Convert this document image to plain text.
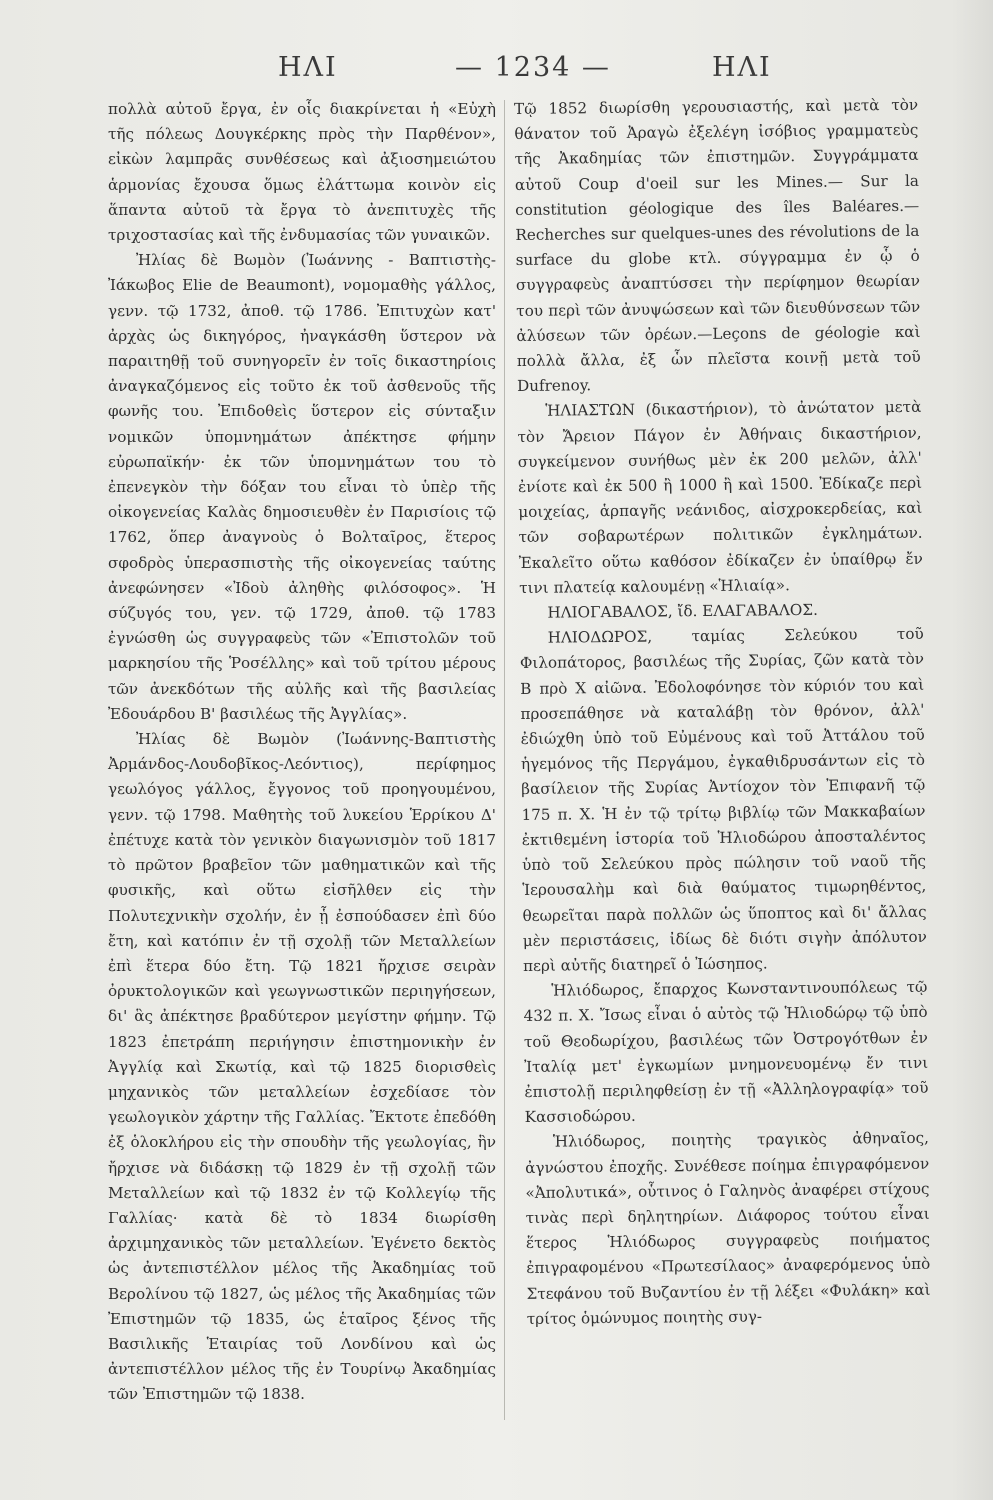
ΗΛΙ	— 1234 —	ΗΛΙ

πολλὰ αὐτοῦ ἔργα, ἐν οἷς διακρίνεται ἡ «Εὐχὴ τῆς πόλεως Δουγκέρκης πρὸς τὴν Παρθένον», εἰκὼν λαμπρᾶς συνθέσεως καὶ ἀξιοσημειώτου ἁρμονίας ἔχουσα ὅμως ἐλάττωμα κοινὸν εἰς ἅπαντα αὐτοῦ τὰ ἔργα τὸ ἀνεπιτυχὲς τῆς τριχοστασίας καὶ τῆς ἐνδυμασίας τῶν γυναικῶν.

Ἠλίας δὲ Βωμὸν (Ἰωάννης - Βαπτιστὴς-Ἰάκωβος Elie de Beaumont), νομομαθὴς γάλλος, γενν. τῷ 1732, ἀποθ. τῷ 1786. Ἐπιτυχὼν κατ' ἀρχὰς ὡς δικηγόρος, ἠναγκάσθη ὕστερον νὰ παραιτηθῇ τοῦ συνηγορεῖν ἐν τοῖς δικαστηρίοις ἀναγκαζόμενος εἰς τοῦτο ἐκ τοῦ ἀσθενοῦς τῆς φωνῆς του. Ἐπιδοθεὶς ὕστερον εἰς σύνταξιν νομικῶν ὑπομνημάτων ἀπέκτησε φήμην εὐρωπαϊκήν· ἐκ τῶν ὑπομνημάτων του τὸ ἐπενεγκὸν τὴν δόξαν του εἶναι τὸ ὑπὲρ τῆς οἰκογενείας Καλὰς δημοσιευθὲν ἐν Παρισίοις τῷ 1762, ὅπερ ἀναγνοὺς ὁ Βολταῖρος, ἕτερος σφοδρὸς ὑπερασπιστὴς τῆς οἰκογενείας ταύτης ἀνεφώνησεν «Ἰδοὺ ἀληθὴς φιλόσοφος». Ἡ σύζυγός του, γεν. τῷ 1729, ἀποθ. τῷ 1783 ἐγνώσθη ὡς συγγραφεὺς τῶν «Ἐπιστολῶν τοῦ μαρκησίου τῆς Ῥοσέλλης» καὶ τοῦ τρίτου μέρους τῶν ἀνεκδότων τῆς αὐλῆς καὶ τῆς βασιλείας Ἐδουάρδου Β' βασιλέως τῆς Ἀγγλίας».

Ἠλίας δὲ Βωμὸν (Ἰωάννης-Βαπτιστὴς Ἀρμάνδος-Λουδοβῖκος-Λεόντιος), περίφημος γεωλόγος γάλλος, ἔγγονος τοῦ προηγουμένου, γενν. τῷ 1798. Μαθητὴς τοῦ λυκείου Ἑρρίκου Δ' ἐπέτυχε κατὰ τὸν γενικὸν διαγωνισμὸν τοῦ 1817 τὸ πρῶτον βραβεῖον τῶν μαθηματικῶν καὶ τῆς φυσικῆς, καὶ οὕτω εἰσῆλθεν εἰς τὴν Πολυτεχνικὴν σχολήν, ἐν ᾗ ἐσπούδασεν ἐπὶ δύο ἔτη, καὶ κατόπιν ἐν τῇ σχολῇ τῶν Μεταλλείων ἐπὶ ἕτερα δύο ἔτη. Τῷ 1821 ἤρχισε σειρὰν ὀρυκτολογικῶν καὶ γεωγνωστικῶν περιηγήσεων, δι' ἃς ἀπέκτησε βραδύτερον μεγίστην φήμην. Τῷ 1823 ἐπετράπη περιήγησιν ἐπιστημονικὴν ἐν Ἀγγλίᾳ καὶ Σκωτίᾳ, καὶ τῷ 1825 διορισθεὶς μηχανικὸς τῶν μεταλλείων ἐσχεδίασε τὸν γεωλογικὸν χάρτην τῆς Γαλλίας. Ἔκτοτε ἐπεδόθη ἐξ ὁλοκλήρου εἰς τὴν σπουδὴν τῆς γεωλογίας, ἣν ἤρχισε νὰ διδάσκῃ τῷ 1829 ἐν τῇ σχολῇ τῶν Μεταλλείων καὶ τῷ 1832 ἐν τῷ Κολλεγίῳ τῆς Γαλλίας· κατὰ δὲ τὸ 1834 διωρίσθη ἀρχιμηχανικὸς τῶν μεταλλείων. Ἐγένετο δεκτὸς ὡς ἀντεπιστέλλον μέλος τῆς Ἀκαδημίας τοῦ Βερολίνου τῷ 1827, ὡς μέλος τῆς Ἀκαδημίας τῶν Ἐπιστημῶν τῷ 1835, ὡς ἑταῖρος ξένος τῆς Βασιλικῆς Ἑταιρίας τοῦ Λονδίνου καὶ ὡς ἀντεπιστέλλον μέλος τῆς ἐν Τουρίνῳ Ἀκαδημίας τῶν Ἐπιστημῶν τῷ 1838.

Τῷ 1852 διωρίσθη γερουσιαστής, καὶ μετὰ τὸν θάνατον τοῦ Ἀραγὼ ἐξελέγη ἰσόβιος γραμματεὺς τῆς Ἀκαδημίας τῶν ἐπιστημῶν. Συγγράμματα αὐτοῦ Coup d'oeil sur les Mines.— Sur la constitution géologique des îles Baléares.—Recherches sur quelques-unes des révolutions de la surface du globe κτλ. σύγγραμμα ἐν ᾧ ὁ συγγραφεὺς ἀναπτύσσει τὴν περίφημον θεωρίαν του περὶ τῶν ἀνυψώσεων καὶ τῶν διευθύνσεων τῶν ἀλύσεων τῶν ὀρέων.—Leçons de géologie καὶ πολλὰ ἄλλα, ἐξ ὧν πλεῖστα κοινῇ μετὰ τοῦ Dufrenoy.

ἩΛΙΑΣΤΩΝ (δικαστήριον), τὸ ἀνώτατον μετὰ τὸν Ἄρειον Πάγον ἐν Ἀθήναις δικαστήριον, συγκείμενον συνήθως μὲν ἐκ 200 μελῶν, ἀλλ' ἐνίοτε καὶ ἐκ 500 ἢ 1000 ἢ καὶ 1500. Ἐδίκαζε περὶ μοιχείας, ἁρπαγῆς νεάνιδος, αἰσχροκερδείας, καὶ τῶν σοβαρωτέρων πολιτικῶν ἐγκλημάτων. Ἐκαλεῖτο οὕτω καθόσον ἐδίκαζεν ἐν ὑπαίθρῳ ἔν τινι πλατείᾳ καλουμένῃ «Ἡλιαίᾳ».

ΗΛΙΟΓΑΒΑΛΟΣ, ἴδ. ΕΛΑΓΑΒΑΛΟΣ.

ΗΛΙΟΔΩΡΟΣ, ταμίας Σελεύκου τοῦ Φιλοπάτορος, βασιλέως τῆς Συρίας, ζῶν κατὰ τὸν Β πρὸ Χ αἰῶνα. Ἐδολοφόνησε τὸν κύριόν του καὶ προσεπάθησε νὰ καταλάβῃ τὸν θρόνον, ἀλλ' ἐδιώχθη ὑπὸ τοῦ Εὐμένους καὶ τοῦ Ἀττάλου τοῦ ἡγεμόνος τῆς Περγάμου, ἐγκαθιδρυσάντων εἰς τὸ βασίλειον τῆς Συρίας Ἀντίοχον τὸν Ἐπιφανῆ τῷ 175 π. Χ. Ἡ ἐν τῷ τρίτῳ βιβλίῳ τῶν Μακκαβαίων ἐκτιθεμένη ἱστορία τοῦ Ἡλιοδώρου ἀποσταλέντος ὑπὸ τοῦ Σελεύκου πρὸς πώλησιν τοῦ ναοῦ τῆς Ἱερουσαλὴμ καὶ διὰ θαύματος τιμωρηθέντος, θεωρεῖται παρὰ πολλῶν ὡς ὕποπτος καὶ δι' ἄλλας μὲν περιστάσεις, ἰδίως δὲ διότι σιγὴν ἀπόλυτον περὶ αὐτῆς διατηρεῖ ὁ Ἰώσηπος.

Ἡλιόδωρος, ἔπαρχος Κωνσταντινουπόλεως τῷ 432 π. Χ. Ἴσως εἶναι ὁ αὐτὸς τῷ Ἡλιοδώρῳ τῷ ὑπὸ τοῦ Θεοδωρίχου, βασιλέως τῶν Ὀστρογότθων ἐν Ἰταλίᾳ μετ' ἐγκωμίων μνημονευομένῳ ἔν τινι ἐπιστολῇ περιληφθείσῃ ἐν τῇ «Ἀλληλογραφίᾳ» τοῦ Κασσιοδώρου.

Ἡλιόδωρος, ποιητὴς τραγικὸς ἀθηναῖος, ἀγνώστου ἐποχῆς. Συνέθεσε ποίημα ἐπιγραφόμενον «Ἀπολυτικά», οὗτινος ὁ Γαληνὸς ἀναφέρει στίχους τινὰς περὶ δηλητηρίων. Διάφορος τούτου εἶναι ἕτερος Ἡλιόδωρος συγγραφεὺς ποιήματος ἐπιγραφομένου «Πρωτεσίλαος» ἀναφερόμενος ὑπὸ Στεφάνου τοῦ Βυζαντίου ἐν τῇ λέξει «Φυλάκη» καὶ τρίτος ὁμώνυμος ποιητὴς συγ-
